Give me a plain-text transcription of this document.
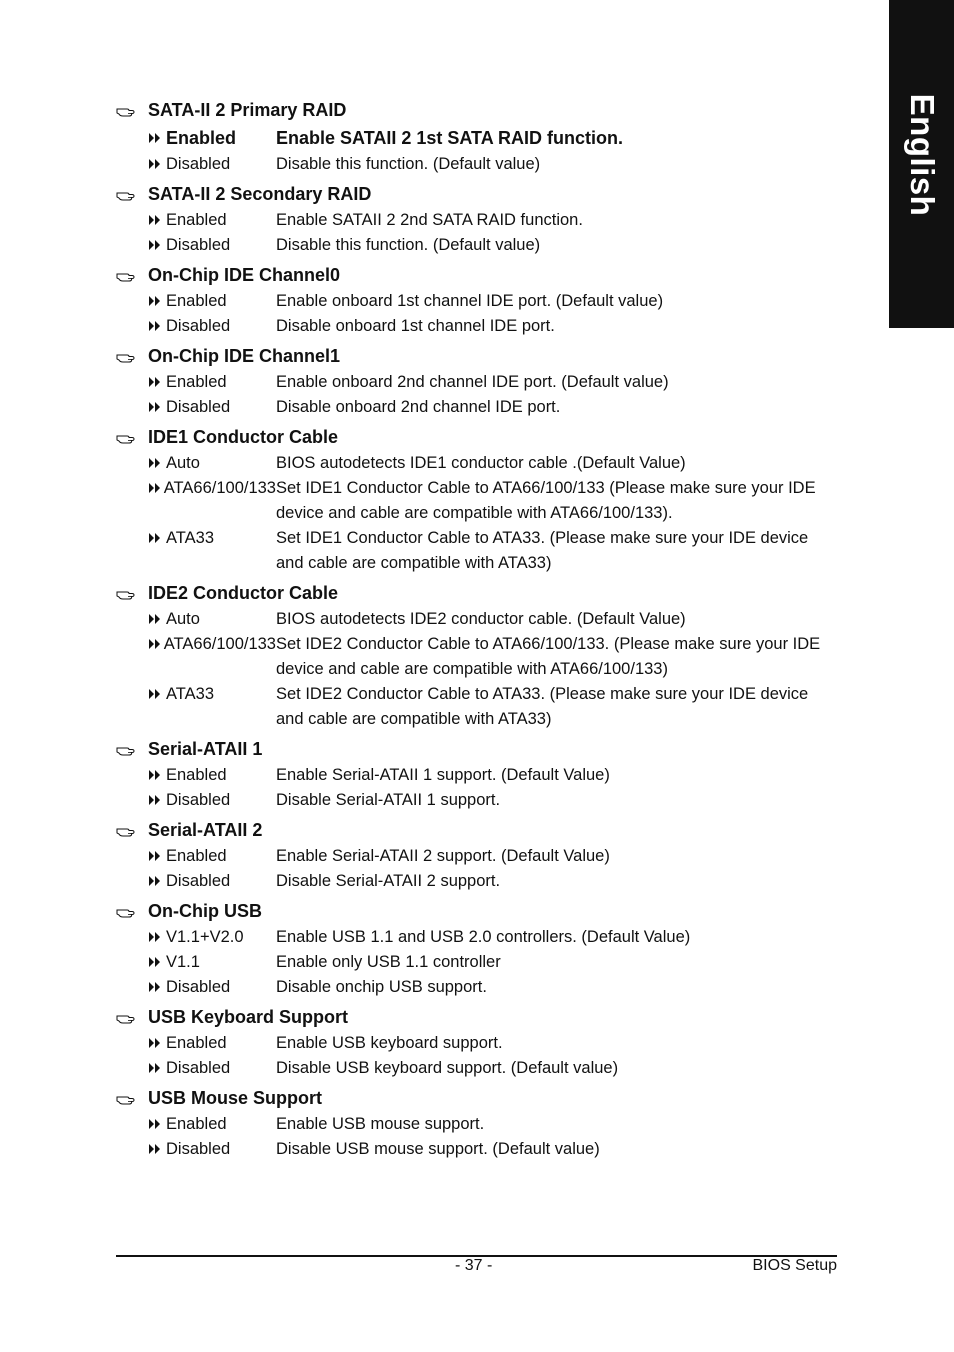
English
SATA-II 2 Primary RAID
Enabled Enable SATAII 2 1st SATA RAID function.
Disabled	Disable this function. (Default value)
SATA-II 2 Secondary RAID
Enabled	Enable SATAII 2 2nd SATA RAID function.
Disabled	Disable this function. (Default value)
On-Chip IDE Channel0
Enabled	Enable onboard 1st channel IDE port. (Default value)
Disabled	Disable onboard 1st channel IDE port.
On-Chip IDE Channel1
Enabled	Enable onboard 2nd channel IDE port. (Default value)
Disabled	Disable onboard 2nd channel IDE port.
IDE1 Conductor Cable
Auto	BIOS autodetects IDE1 conductor cable .(Default Value)
ATA66/100/133 Set IDE1 Conductor Cable to ATA66/100/133 (Please make sure your IDE device and cable are compatible with ATA66/100/133).
ATA33	Set IDE1 Conductor Cable to ATA33. (Please make sure your IDE device and cable are compatible with ATA33)
IDE2 Conductor Cable
Auto	BIOS autodetects IDE2 conductor cable. (Default Value)
ATA66/100/133 Set IDE2 Conductor Cable to ATA66/100/133. (Please make sure your IDE device and cable are compatible with ATA66/100/133)
ATA33	Set IDE2 Conductor Cable to ATA33. (Please make sure your IDE device and cable are compatible with ATA33)
Serial-ATAII 1
Enabled	Enable Serial-ATAII 1 support. (Default Value)
Disabled	Disable Serial-ATAII 1 support.
Serial-ATAII 2
Enabled	Enable Serial-ATAII 2 support. (Default Value)
Disabled	Disable Serial-ATAII 2 support.
On-Chip USB
V1.1+V2.0 Enable USB 1.1 and USB 2.0 controllers. (Default Value)
V1.1	Enable only USB 1.1 controller
Disabled	Disable onchip USB support.
USB Keyboard Support
Enabled	Enable USB keyboard support.
Disabled	Disable USB keyboard support. (Default value)
USB Mouse Support
Enabled	Enable USB mouse support.
Disabled	Disable USB mouse support. (Default value)
- 37 -	BIOS Setup
